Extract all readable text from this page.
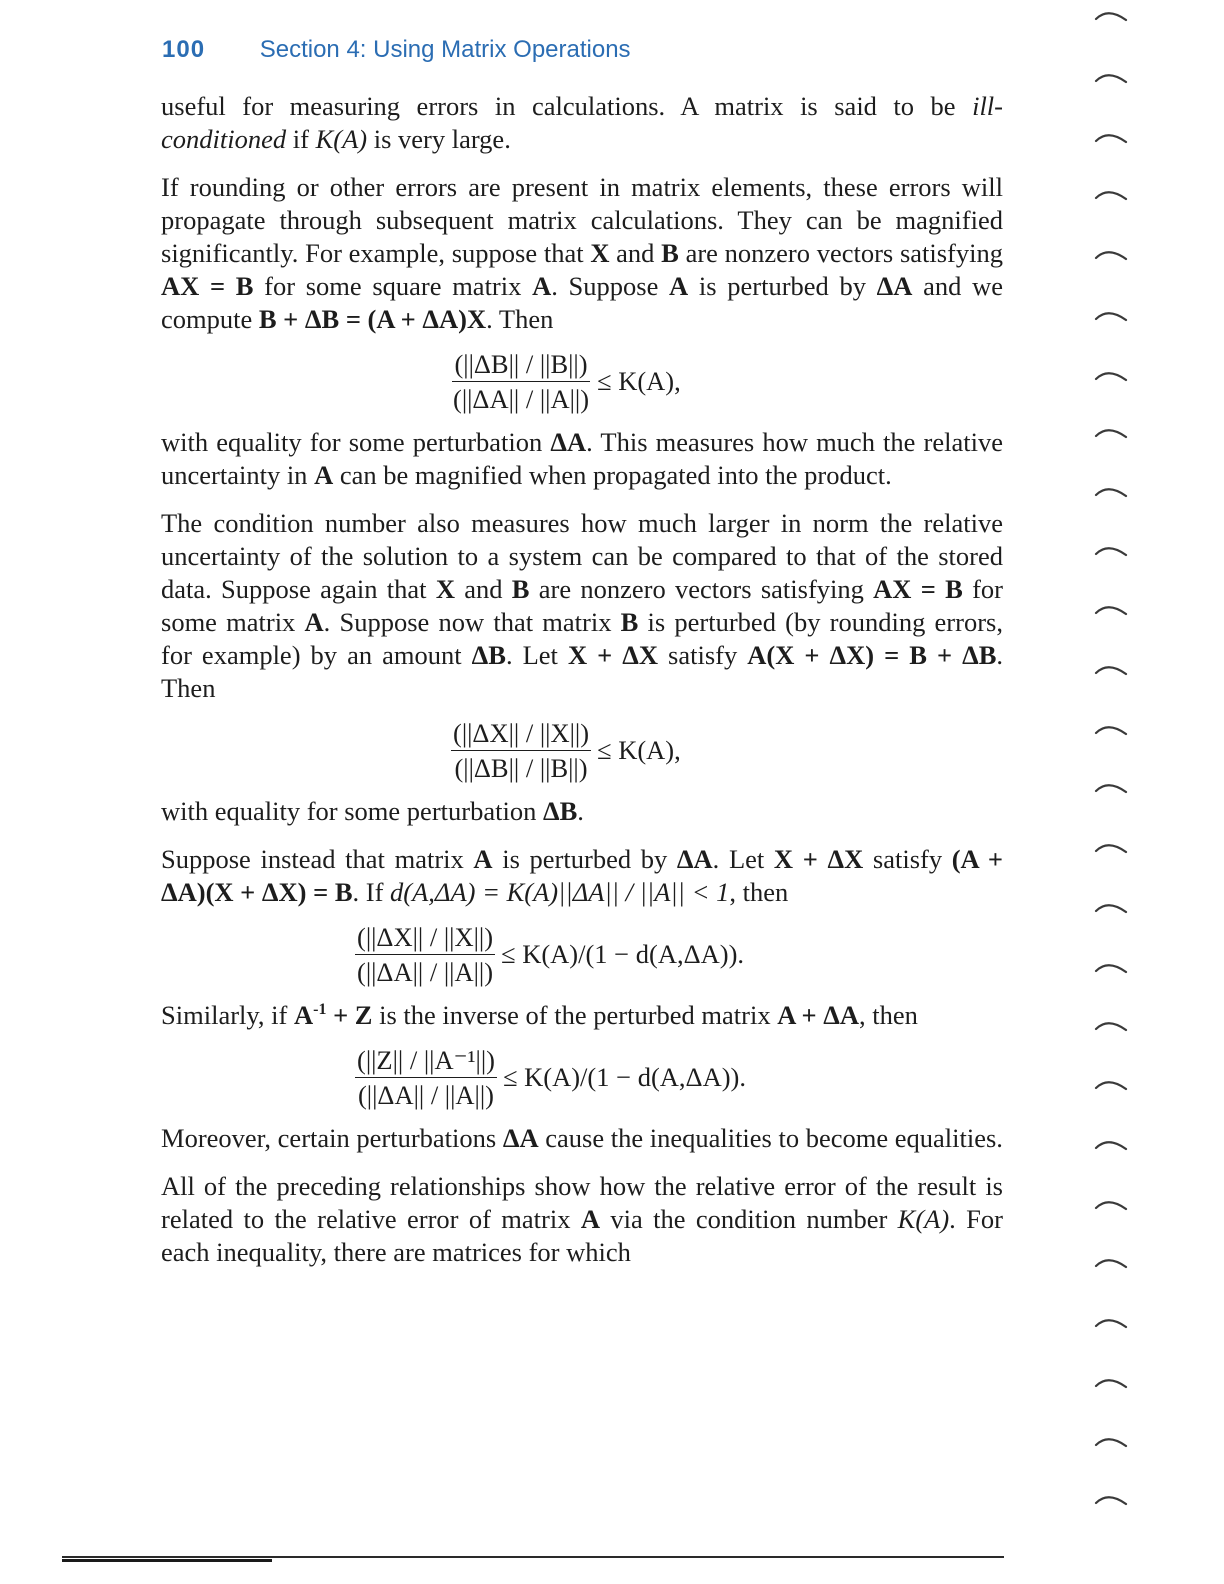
100 Section 4: Using Matrix Operations

useful for measuring errors in calculations. A matrix is said to be ill-conditioned if K(A) is very large.

If rounding or other errors are present in matrix elements, these errors will propagate through subsequent matrix calculations. They can be magnified significantly. For example, suppose that X and B are nonzero vectors satisfying AX = B for some square matrix A. Suppose A is perturbed by ΔA and we compute B + ΔB = (A + ΔA)X. Then

$\frac{(||\Delta B|| / ||B||)}{(||\Delta A|| / ||A||)} \le K(A)$,

with equality for some perturbation ΔA. This measures how much the relative uncertainty in A can be magnified when propagated into the product.

The condition number also measures how much larger in norm the relative uncertainty of the solution to a system can be compared to that of the stored data. Suppose again that X and B are nonzero vectors satisfying AX = B for some matrix A. Suppose now that matrix B is perturbed (by rounding errors, for example) by an amount ΔB. Let X + ΔX satisfy A(X + ΔX) = B + ΔB. Then

$\frac{(||\Delta X|| / ||X||)}{(||\Delta B|| / ||B||)} \le K(A)$,

with equality for some perturbation ΔB.

Suppose instead that matrix A is perturbed by ΔA. Let X + ΔX satisfy (A + ΔA)(X + ΔX) = B. If d(A,ΔA) = K(A)||ΔA|| / ||A|| < 1, then

$\frac{(||\Delta X|| / ||X||)}{(||\Delta A|| / ||A||)} \le K(A)/(1 - d(A,\Delta A))$.

Similarly, if $A^{-1} + Z$ is the inverse of the perturbed matrix A + ΔA, then

$\frac{\text{(||Z|| / ||A⁻¹||)}}{(||\Delta A|| / ||A||)} \le K(A)/(1 - d(A,\Delta A))$.

Moreover, certain perturbations ΔA cause the inequalities to become equalities.

All of the preceding relationships show how the relative error of the result is related to the relative error of matrix A via the condition number K(A). For each inequality, there are matrices for which
